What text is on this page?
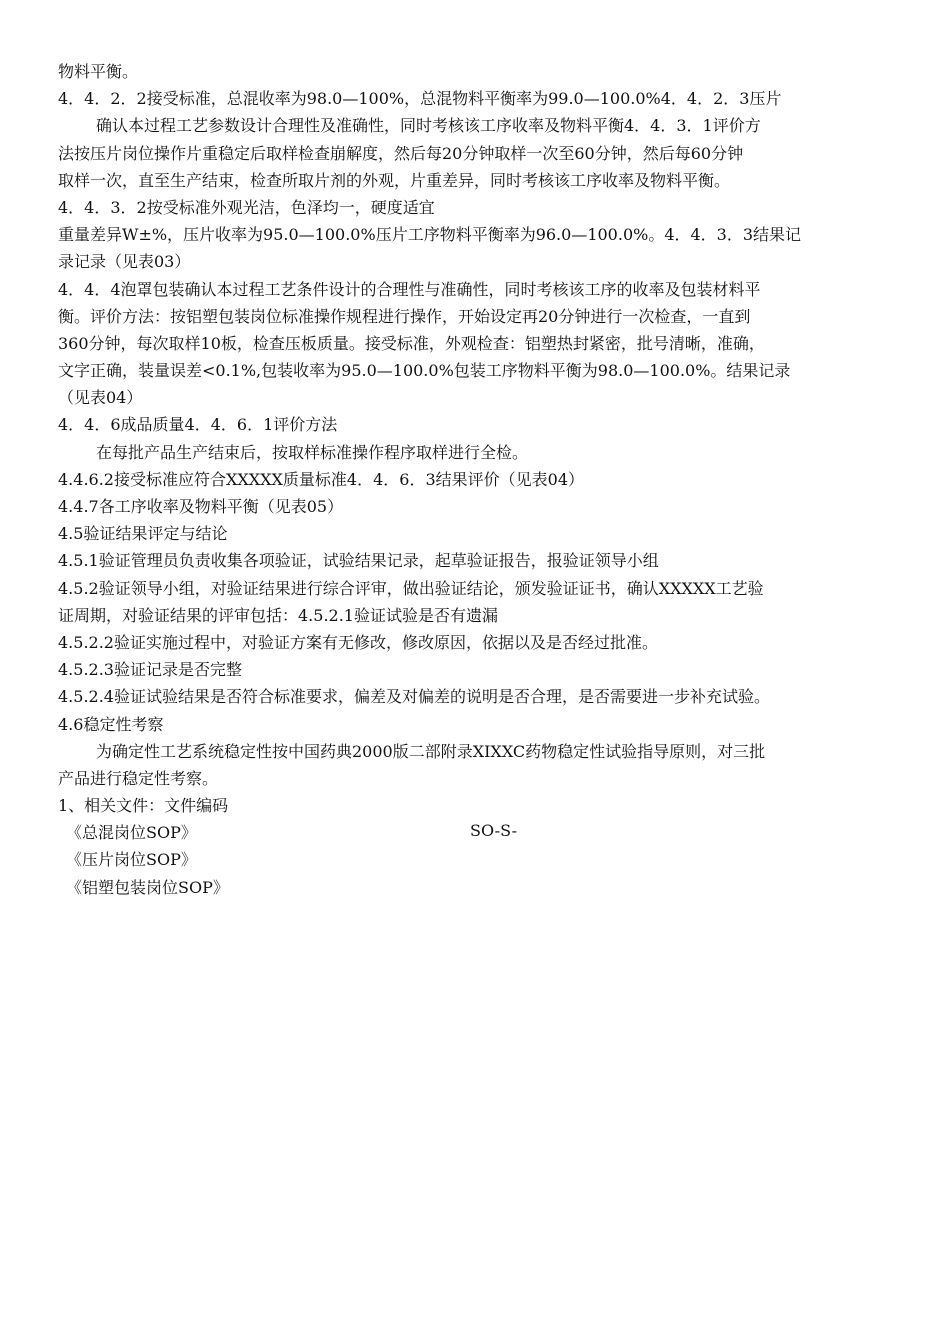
物料平衡。
4．4．2．2接受标准，总混收率为98.0—100%，总混物料平衡率为99.0—100.0%4．4．2．3压片
确认本过程工艺参数设计合理性及准确性，同时考核该工序收率及物料平衡4．4．3．1评价方
法按压片岗位操作片重稳定后取样检查崩解度，然后每20分钟取样一次至60分钟，然后每60分钟
取样一次，直至生产结束，检查所取片剂的外观，片重差异，同时考核该工序收率及物料平衡。
4．4．3．2按受标准外观光洁，色泽均一，硬度适宜
重量差异W±%，压片收率为95.0—100.0%压片工序物料平衡率为96.0—100.0%。4．4．3．3结果记
录记录（见表03）
4．4．4泡罩包装确认本过程工艺条件设计的合理性与准确性，同时考核该工序的收率及包装材料平
衡。评价方法：按铝塑包装岗位标准操作规程进行操作，开始设定再20分钟进行一次检查，一直到
360分钟，每次取样10板，检查压板质量。接受标准，外观检查：铝塑热封紧密，批号清晰，准确，
文字正确，装量误差<0.1%,包装收率为95.0—100.0%包装工序物料平衡为98.0—100.0%。结果记录
（见表04）
4．4．6成品质量4．4．6．1评价方法
在每批产品生产结束后，按取样标准操作程序取样进行全检。
4.4.6.2接受标准应符合XXXXX质量标准4．4．6．3结果评价（见表04）
4.4.7各工序收率及物料平衡（见表05）
4.5验证结果评定与结论
4.5.1验证管理员负责收集各项验证，试验结果记录，起草验证报告，报验证领导小组
4.5.2验证领导小组，对验证结果进行综合评审，做出验证结论，颁发验证证书，确认XXXXX工艺验
证周期，对验证结果的评审包括：4.5.2.1验证试验是否有遗漏
4.5.2.2验证实施过程中，对验证方案有无修改，修改原因，依据以及是否经过批准。
4.5.2.3验证记录是否完整
4.5.2.4验证试验结果是否符合标准要求，偏差及对偏差的说明是否合理，是否需要进一步补充试验。
4.6稳定性考察
为确定性工艺系统稳定性按中国药典2000版二部附录XIXXC药物稳定性试验指导原则，对三批
产品进行稳定性考察。
1、相关文件：文件编码
《总混岗位SOP》	SO-S-
《压片岗位SOP》
《铝塑包装岗位SOP》
